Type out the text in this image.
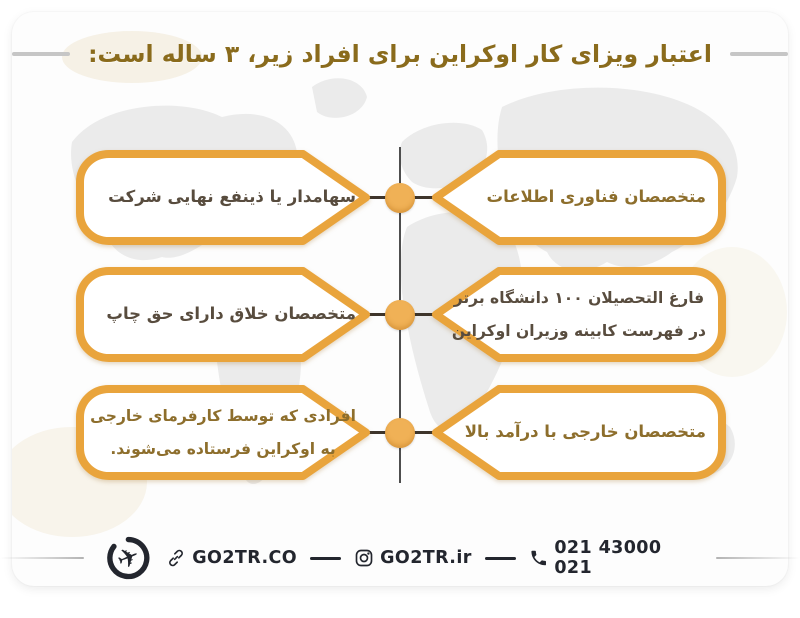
اعتبار ویزای کار اوکراین برای افراد زیر، ۳ ساله است:
سهامدار یا ذینفع نهایی شرکت	متخصصان فناوری اطلاعات
متخصصان خلاق دارای حق چاپ
فارغ التحصیلان ۱۰۰ دانشگاه برتر
در فهرست کابینه وزیران اوکراین
افرادی که توسط کارفرمای خارجی
به اوکراین فرستاده می‌شوند.
متخصصان خارجی با درآمد بالا
✈	GO2TR.CO	GO2TR.ir	021 43000 021
